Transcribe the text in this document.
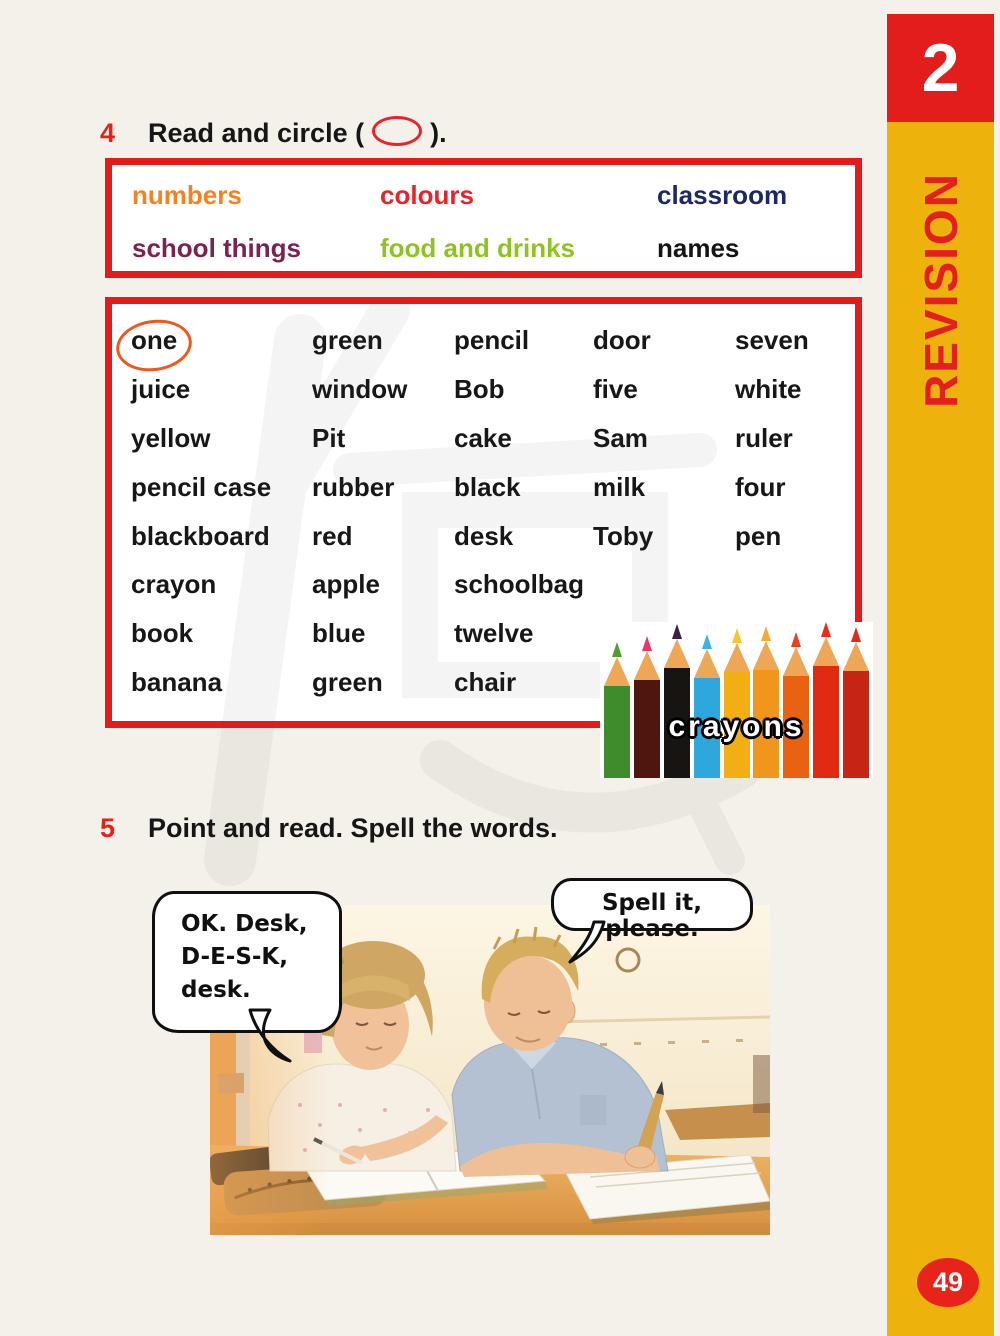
2
REVISION
49
4 Read and circle ( ).
numbers	colours	classroom
school things	food and drinks	names
one	green	pencil	door	seven
juice	window	Bob	five	white
yellow	Pit	cake	Sam	ruler
pencil case	rubber	black	milk	four
blackboard	red	desk	Toby	pen
crayon	apple	schoolbag
book	blue	twelve
banana	green	chair
crayons
5 Point and read. Spell the words.
OK. Desk,
D-E-S-K,
desk.
Spell it, please.
